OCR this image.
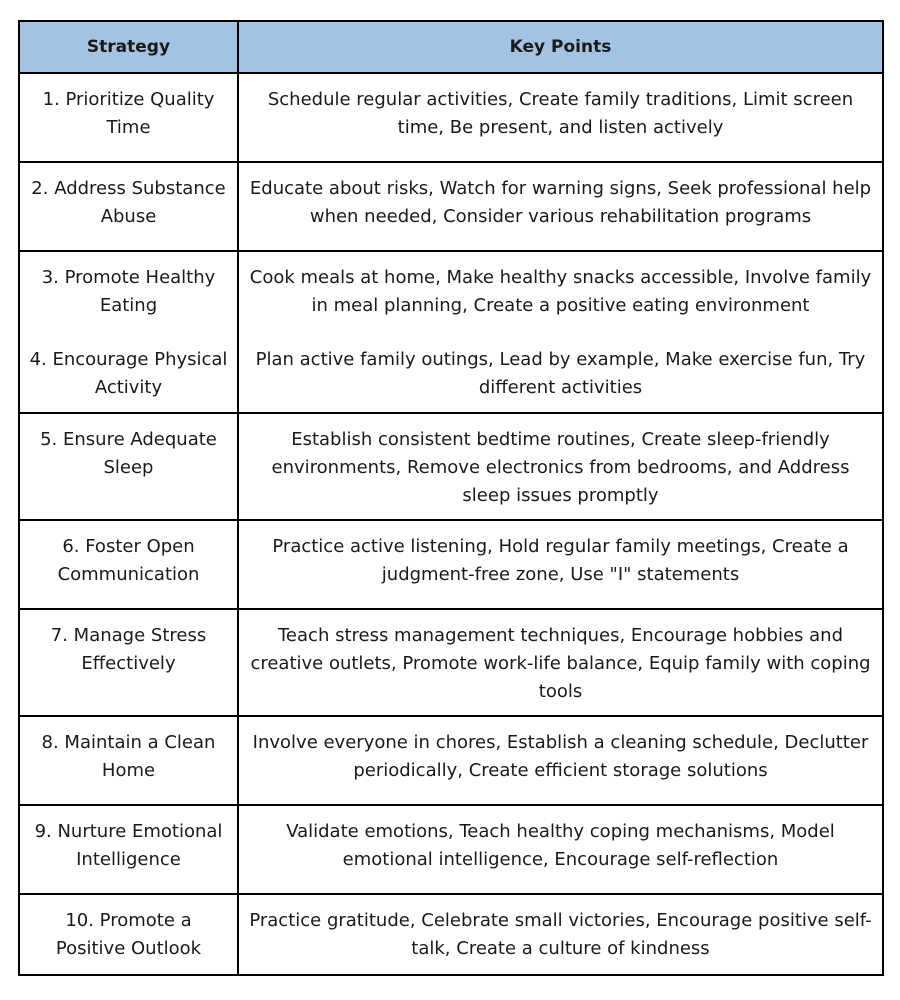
Strategy	Key Points
1. Prioritize Quality Time
Schedule regular activities, Create family traditions, Limit screen time, Be present, and listen actively
2. Address Substance Abuse
Educate about risks, Watch for warning signs, Seek professional help when needed, Consider various rehabilitation programs
3. Promote Healthy Eating
Cook meals at home, Make healthy snacks accessible, Involve family in meal planning, Create a positive eating environment
4. Encourage Physical Activity
Plan active family outings, Lead by example, Make exercise fun, Try different activities
5. Ensure Adequate Sleep
Establish consistent bedtime routines, Create sleep-friendly environments, Remove electronics from bedrooms, and Address sleep issues promptly
6. Foster Open Communication
Practice active listening, Hold regular family meetings, Create a judgment-free zone, Use "I" statements
7. Manage Stress Effectively
Teach stress management techniques, Encourage hobbies and creative outlets, Promote work-life balance, Equip family with coping tools
8. Maintain a Clean Home
Involve everyone in chores, Establish a cleaning schedule, Declutter periodically, Create efficient storage solutions
9. Nurture Emotional Intelligence
Validate emotions, Teach healthy coping mechanisms, Model emotional intelligence, Encourage self-reflection
10. Promote a Positive Outlook
Practice gratitude, Celebrate small victories, Encourage positive self-talk, Create a culture of kindness
